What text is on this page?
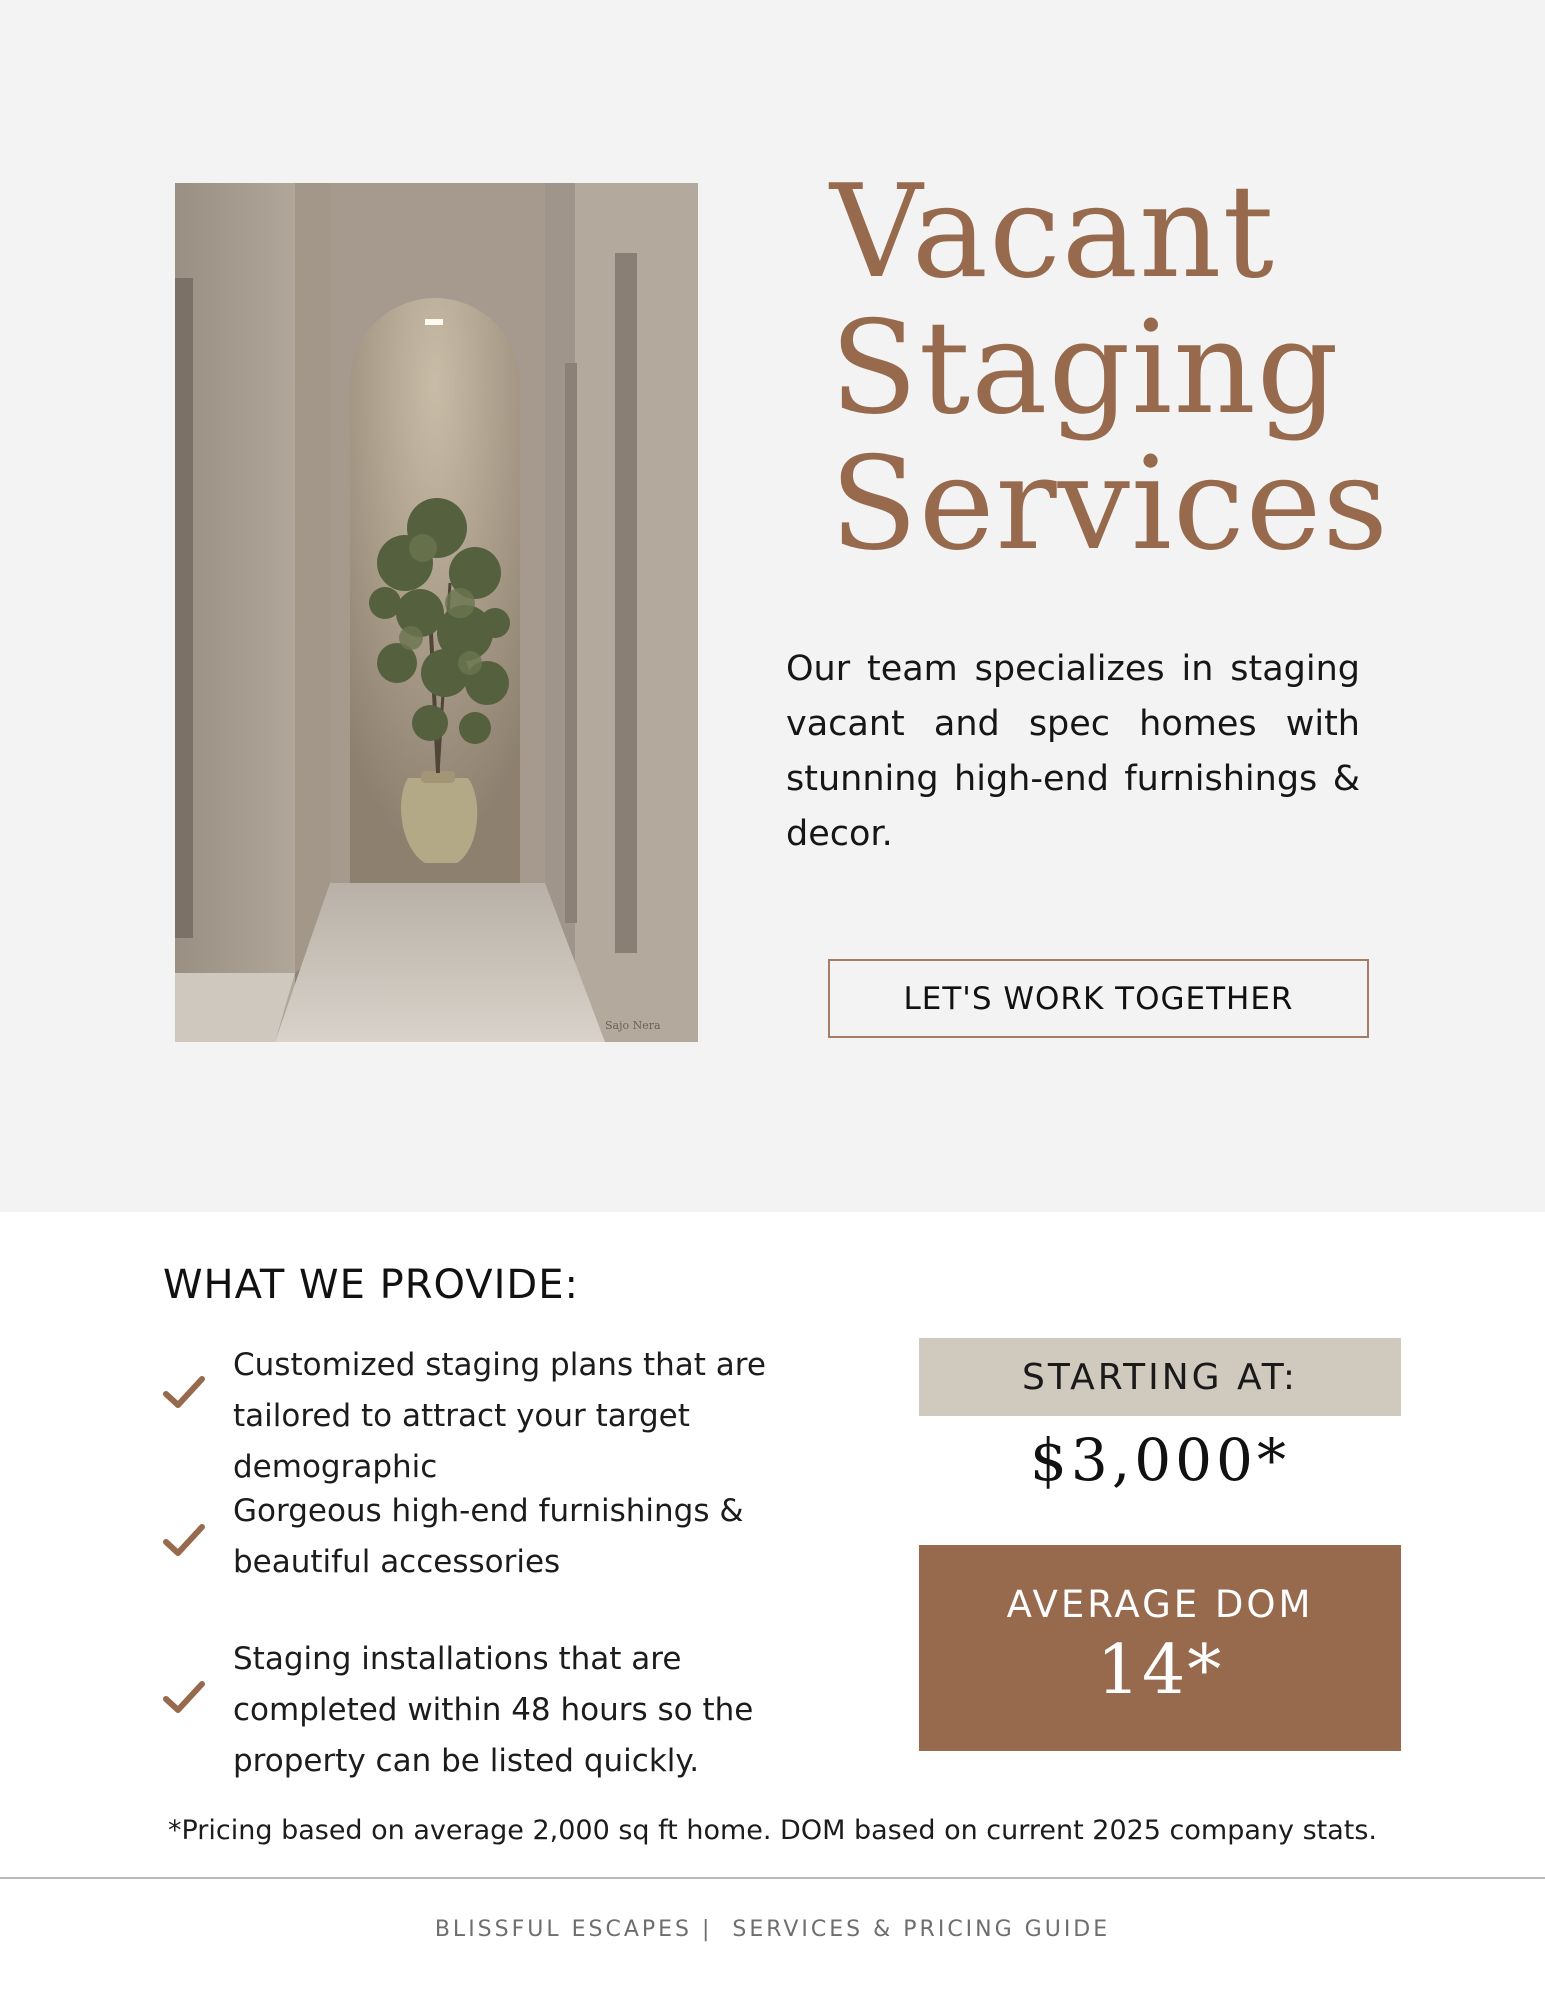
Sajo Nera
Vacant
Staging
Services

Our team specializes in staging vacant and spec homes with stunning high-end furnishings & decor.

LET'S WORK TOGETHER
WHAT WE PROVIDE:
Customized staging plans that are tailored to attract your target demographic
Gorgeous high-end furnishings & beautiful accessories
Staging installations that are completed within 48 hours so the property can be listed quickly.
STARTING AT:
$3,000*
AVERAGE DOM
14*
*Pricing based on average 2,000 sq ft home. DOM based on current 2025 company stats.
BLISSFUL ESCAPES |  SERVICES & PRICING GUIDE
